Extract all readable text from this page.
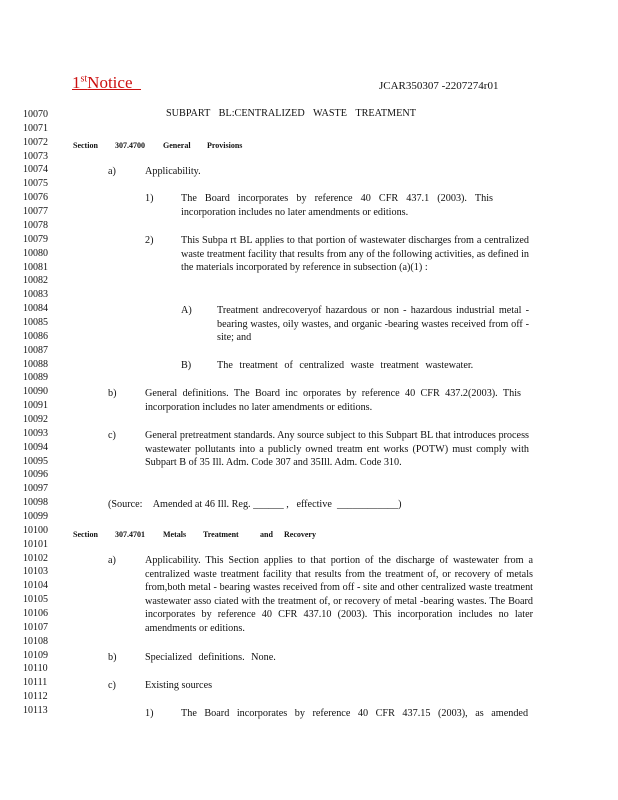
1stNotice	JCAR350307 -2207274r01
10070
10071
10072
10073
10074
10075
10076
10077
10078
10079
10080
10081
10082
10083
10084
10085
10086
10087
10088
10089
10090
10091
10092
10093
10094
10095
10096
10097
10098
10099
10100
10101
10102
10103
10104
10105
10106
10107
10108
10109
10110
10111
10112
10113
SUBPART BL:CENTRALIZED WASTE TREATMENT
Section 307.4700 General Provisions
a)	Applicability.
1)	The Board incorporates by reference 40 CFR 437.1 (2003). This incorporation includes no later amendments or editions.
2)	This Subpa rt BL applies to that portion of wastewater discharges from a centralized waste treatment facility that results from any of the following activities, as defined in the materials incorporated by reference in subsection (a)(1) :
A) Treatment andrecoveryof hazardous or non - hazardous industrial metal -bearing wastes, oily wastes, and organic -bearing wastes received from off -site; and
B)	The treatment of centralized waste treatment wastewater.
b)	General definitions. The Board inc orporates by reference 40 CFR 437.2(2003). This incorporation includes no later amendments or editions.
c)	General pretreatment standards. Any source subject to this Subpart BL that introduces process wastewater pollutants into a publicly owned treatm ent works (POTW) must comply with Subpart B of 35 Ill. Adm. Code 307 and 35Ill. Adm. Code 310.
(Source: Amended at 46 Ill. Reg. ______ , effective ____________)
Section 307.4701 Metals Treatment	and Recovery
a)	Applicability. This Section applies to that portion of the discharge of wastewater from a centralized waste treatment facility that results from the treatment of, or recovery of metals from,both metal - bearing wastes received from off - site and other centralized waste treatment wastewater asso ciated with the treatment of, or recovery of metal -bearing wastes. The Board incorporates by reference 40 CFR 437.10 (2003). This incorporation includes no later amendments or editions.
b)	Specialized definitions. None.
c)	Existing sources
1)	The Board incorporates by reference 40 CFR 437.15 (2003), as amended
